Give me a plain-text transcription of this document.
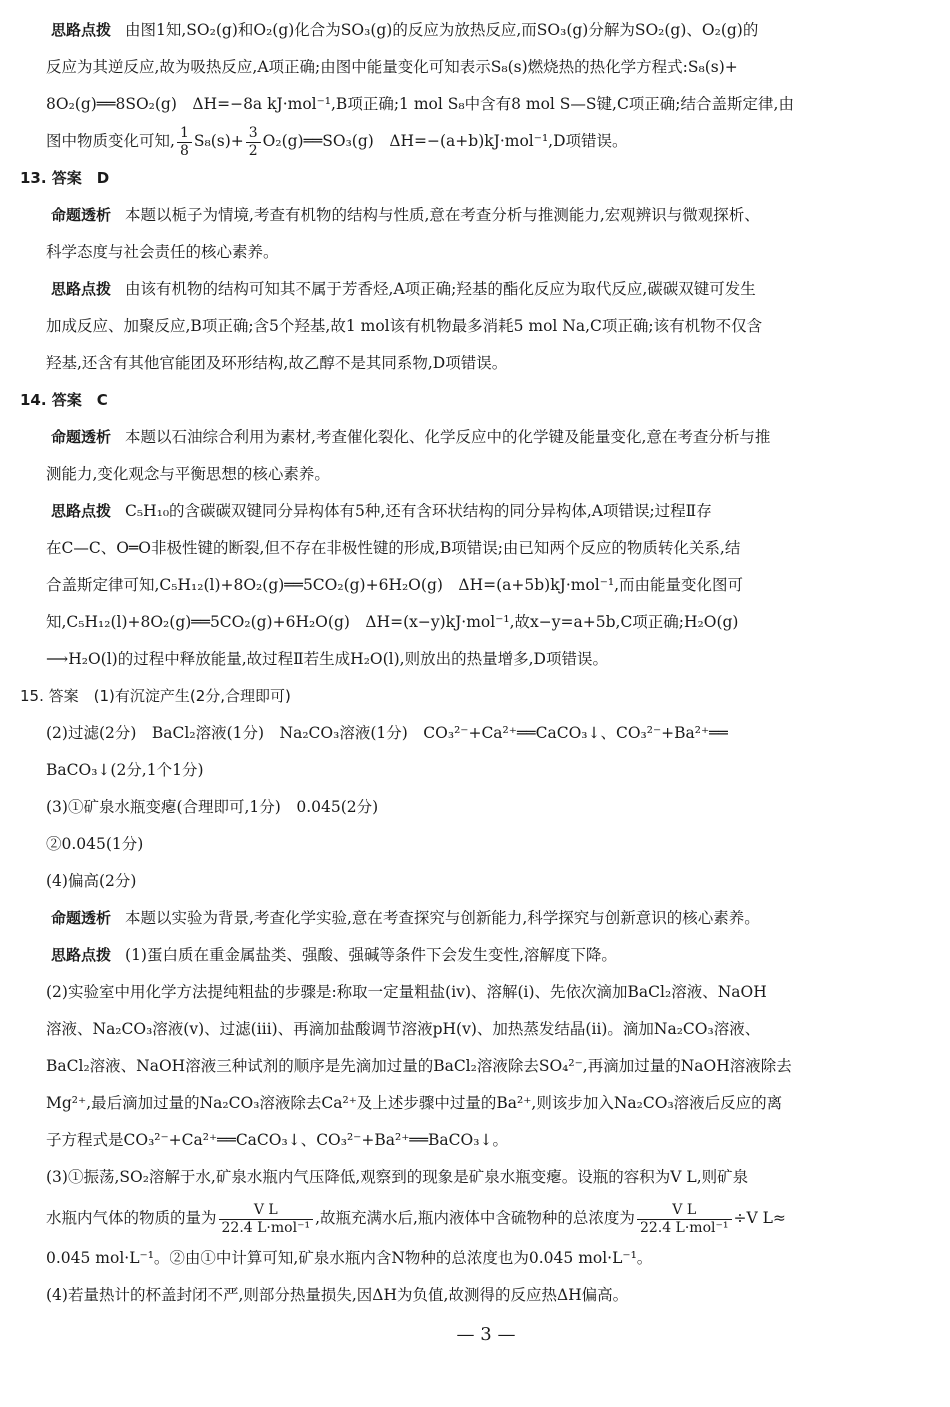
思路点拨 由图1知,SO₂(g)和O₂(g)化合为SO₃(g)的反应为放热反应,而SO₃(g)分解为SO₂(g)、O₂(g)的

反应为其逆反应,故为吸热反应,A项正确;由图中能量变化可知表示S₈(s)燃烧热的热化学方程式:S₈(s)+

8O₂(g)══8SO₂(g)　ΔH=−8a kJ·mol⁻¹,B项正确;1 mol S₈中含有8 mol S—S键,C项正确;结合盖斯定律,由

图中物质变化可知, $\frac{1}{8} S_8(s)+ \frac{3}{2}$ O₂(g)══SO₃(g)　ΔH=−(a+b)kJ·mol⁻¹,D项错误。

13. 答案　D

命题透析 本题以栀子为情境,考查有机物的结构与性质,意在考查分析与推测能力,宏观辨识与微观探析、

科学态度与社会责任的核心素养。

思路点拨 由该有机物的结构可知其不属于芳香烃,A项正确;羟基的酯化反应为取代反应,碳碳双键可发生

加成反应、加聚反应,B项正确;含5个羟基,故1 mol该有机物最多消耗5 mol Na,C项正确;该有机物不仅含

羟基,还含有其他官能团及环形结构,故乙醇不是其同系物,D项错误。

14. 答案　C

命题透析 本题以石油综合利用为素材,考查催化裂化、化学反应中的化学键及能量变化,意在考查分析与推

测能力,变化观念与平衡思想的核心素养。

思路点拨 C₅H₁₀的含碳碳双键同分异构体有5种,还有含环状结构的同分异构体,A项错误;过程Ⅱ存

在C—C、O═O非极性键的断裂,但不存在非极性键的形成,B项错误;由已知两个反应的物质转化关系,结

合盖斯定律可知,C₅H₁₂(l)+8O₂(g)══5CO₂(g)+6H₂O(g)　ΔH=(a+5b)kJ·mol⁻¹,而由能量变化图可

知,C₅H₁₂(l)+8O₂(g)══5CO₂(g)+6H₂O(g)　ΔH=(x−y)kJ·mol⁻¹,故x−y=a+5b,C项正确;H₂O(g)

⟶H₂O(l)的过程中释放能量,故过程Ⅱ若生成H₂O(l),则放出的热量增多,D项错误。

15. 答案　(1)有沉淀产生(2分,合理即可)

(2)过滤(2分)　BaCl₂溶液(1分)　Na₂CO₃溶液(1分)　CO₃²⁻+Ca²⁺══CaCO₃↓、CO₃²⁻+Ba²⁺══

BaCO₃↓(2分,1个1分)

(3)①矿泉水瓶变瘪(合理即可,1分)　0.045(2分)

②0.045(1分)

(4)偏高(2分)

命题透析 本题以实验为背景,考查化学实验,意在考查探究与创新能力,科学探究与创新意识的核心素养。

思路点拨 (1)蛋白质在重金属盐类、强酸、强碱等条件下会发生变性,溶解度下降。

(2)实验室中用化学方法提纯粗盐的步骤是:称取一定量粗盐(ⅳ)、溶解(ⅰ)、先依次滴加BaCl₂溶液、NaOH

溶液、Na₂CO₃溶液(ⅴ)、过滤(ⅲ)、再滴加盐酸调节溶液pH(ⅴ)、加热蒸发结晶(ⅱ)。滴加Na₂CO₃溶液、

BaCl₂溶液、NaOH溶液三种试剂的顺序是先滴加过量的BaCl₂溶液除去SO₄²⁻,再滴加过量的NaOH溶液除去

Mg²⁺,最后滴加过量的Na₂CO₃溶液除去Ca²⁺及上述步骤中过量的Ba²⁺,则该步加入Na₂CO₃溶液后反应的离

子方程式是CO₃²⁻+Ca²⁺══CaCO₃↓、CO₃²⁻+Ba²⁺══BaCO₃↓。

(3)①振荡,SO₂溶解于水,矿泉水瓶内气压降低,观察到的现象是矿泉水瓶变瘪。设瓶的容积为V L,则矿泉

水瓶内气体的物质的量为 $\frac{\text{V L}}{\text{22.4 L·mol⁻¹}}$ ,故瓶充满水后,瓶内液体中含硫物种的总浓度为 $\frac{\text{V L}}{\text{22.4 L·mol⁻¹}} \div V$ L≈

0.045 mol·L⁻¹。②由①中计算可知,矿泉水瓶内含N物种的总浓度也为0.045 mol·L⁻¹。

(4)若量热计的杯盖封闭不严,则部分热量损失,因ΔH为负值,故测得的反应热ΔH偏高。

— 3 —
